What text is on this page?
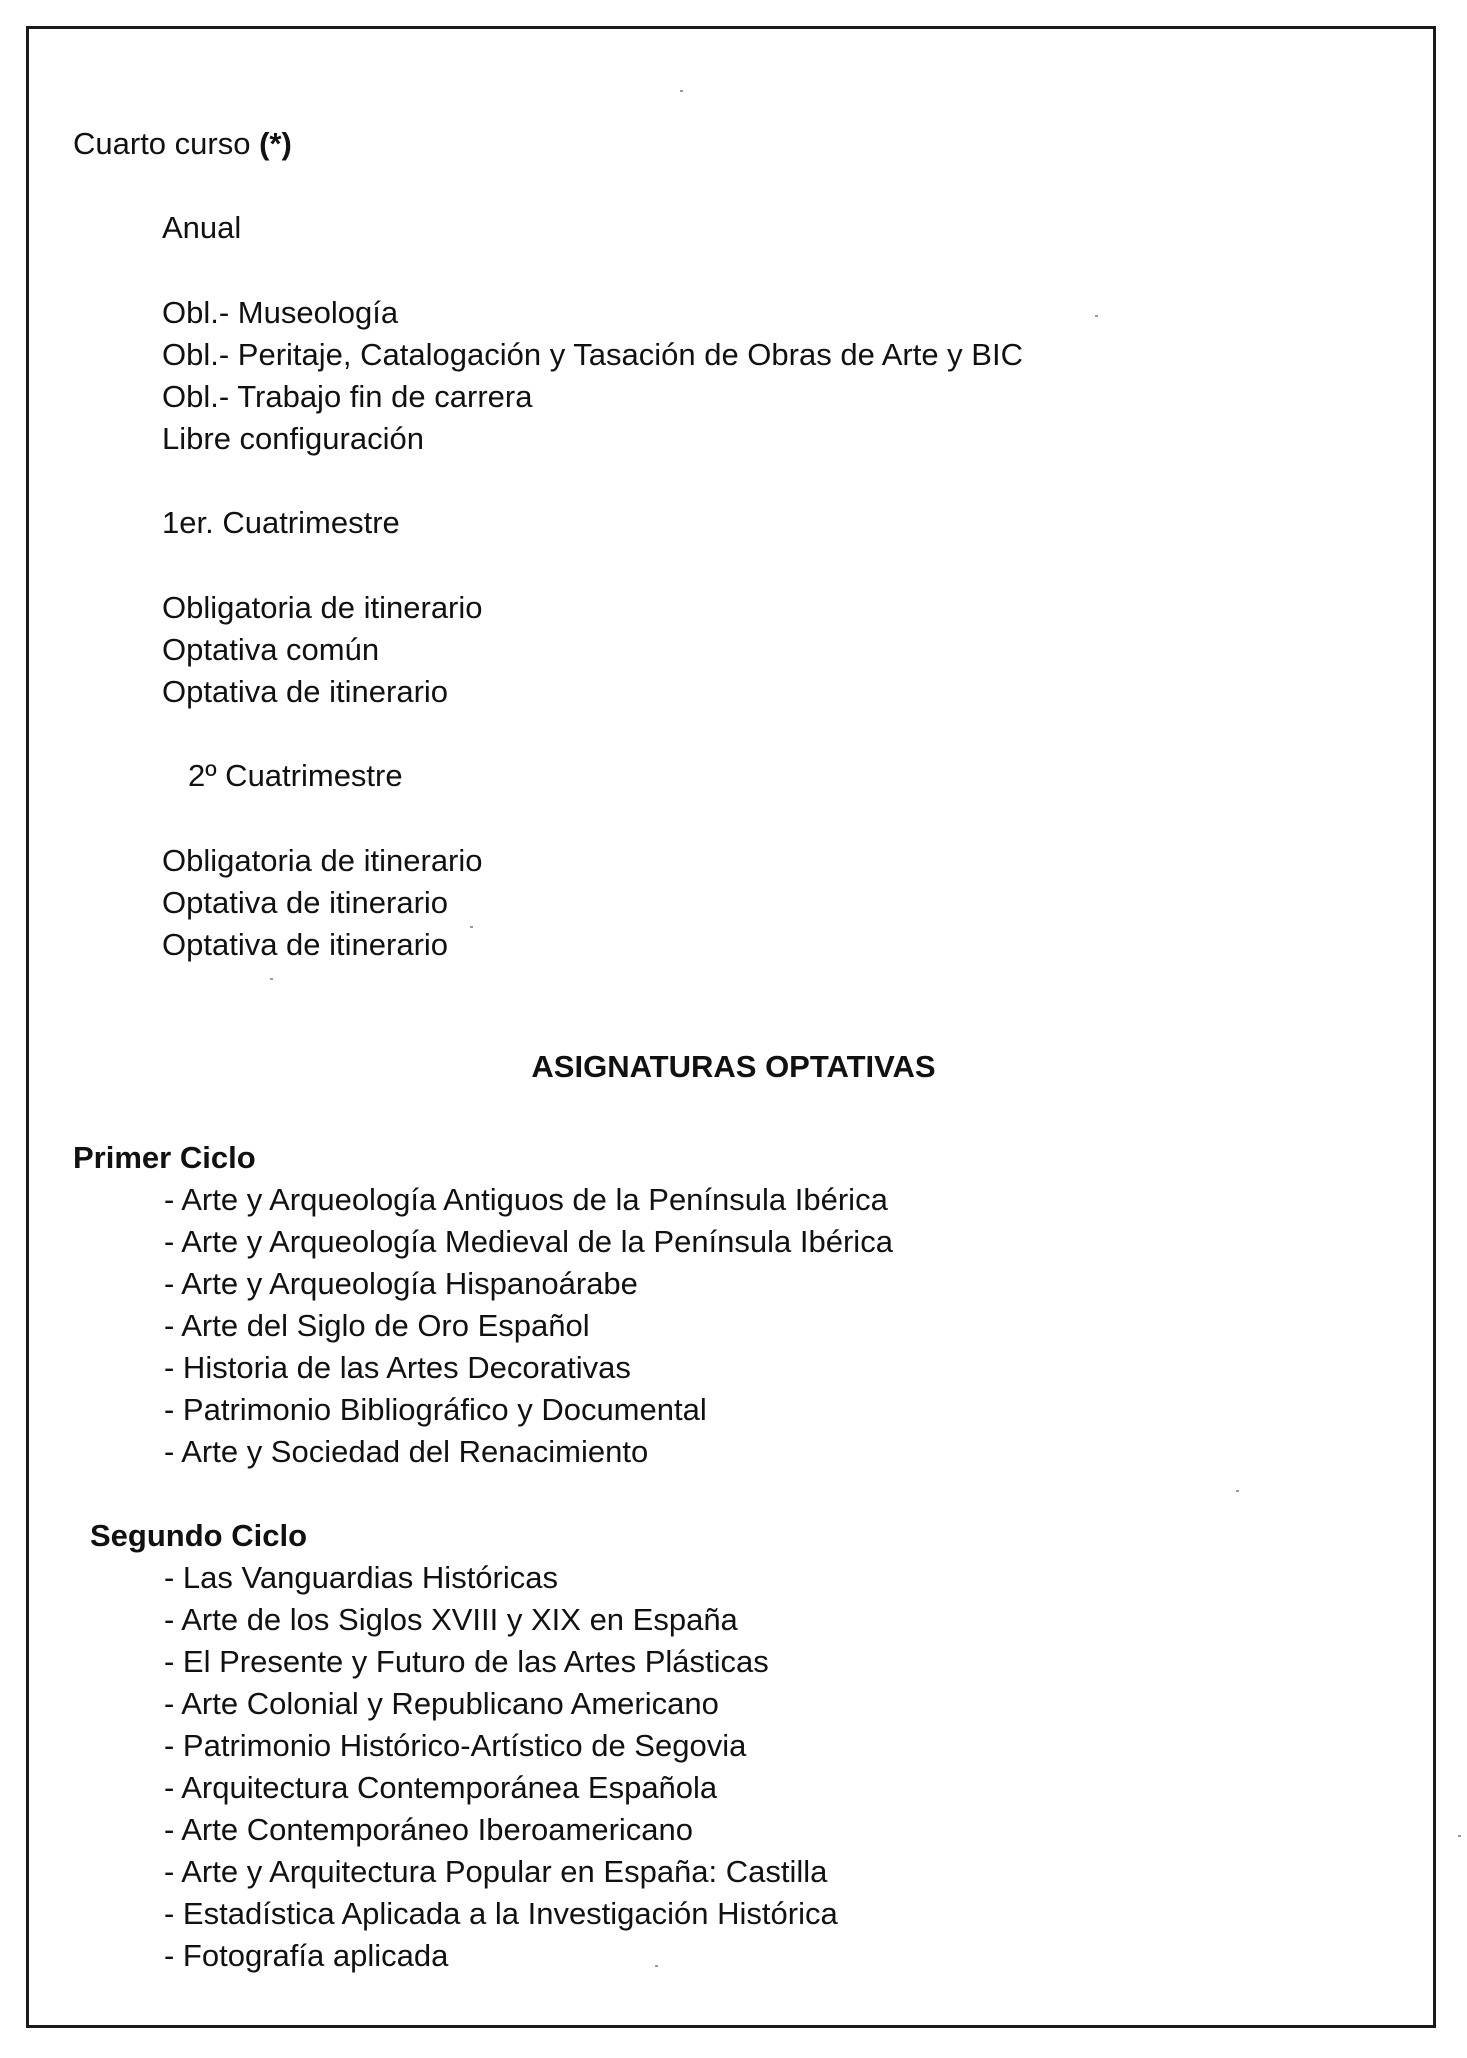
Cuarto curso (*)
Anual
Obl.- Museología
Obl.- Peritaje, Catalogación y Tasación de Obras de Arte y BIC
Obl.- Trabajo fin de carrera
Libre configuración
1er. Cuatrimestre
Obligatoria de itinerario
Optativa común
Optativa de itinerario
2º Cuatrimestre
Obligatoria de itinerario
Optativa de itinerario
Optativa de itinerario
ASIGNATURAS OPTATIVAS
Primer Ciclo
- Arte y Arqueología Antiguos de la Península Ibérica
- Arte y Arqueología Medieval de la Península Ibérica
- Arte y Arqueología Hispanoárabe
- Arte del Siglo de Oro Español
- Historia de las Artes Decorativas
- Patrimonio Bibliográfico y Documental
- Arte y Sociedad del Renacimiento
Segundo Ciclo
- Las Vanguardias Históricas
- Arte de los Siglos XVIII y XIX en España
- El Presente y Futuro de las Artes Plásticas
- Arte Colonial y Republicano Americano
- Patrimonio Histórico-Artístico de Segovia
- Arquitectura Contemporánea Española
- Arte Contemporáneo Iberoamericano
- Arte y Arquitectura Popular en España: Castilla
- Estadística Aplicada a la Investigación Histórica
- Fotografía aplicada
